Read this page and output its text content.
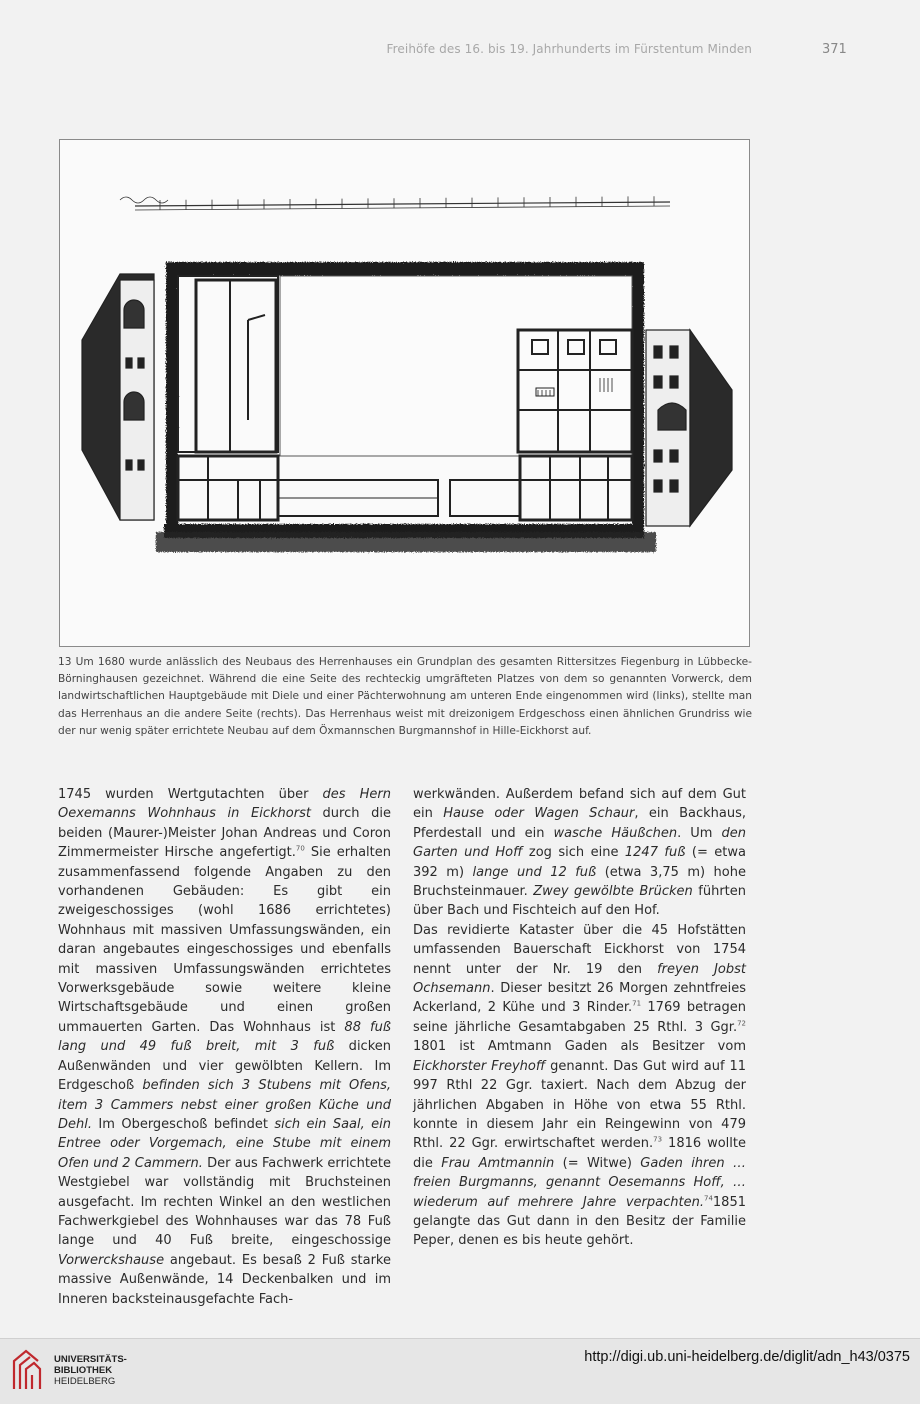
Freihöfe des 16. bis 19. Jahrhunderts im Fürstentum Minden	371
13 Um 1680 wurde anlässlich des Neubaus des Herrenhauses ein Grundplan des gesamten Rittersitzes Fiegenburg in Lübbecke-Börninghausen gezeichnet. Während die eine Seite des rechteckig umgräfteten Platzes von dem so genannten Vorwerck, dem landwirtschaftlichen Hauptgebäude mit Diele und einer Pächterwohnung am unteren Ende eingenommen wird (links), stellte man das Herrenhaus an die andere Seite (rechts). Das Herrenhaus weist mit dreizonigem Erdgeschoss einen ähnlichen Grundriss wie der nur wenig später errichtete Neubau auf dem Öxmannschen Burgmannshof in Hille-Eickhorst auf.

1745 wurden Wertgutachten über des Hern Oexemanns Wohnhaus in Eickhorst durch die beiden (Maurer-)Meister Johan Andreas und Coron Zimmermeister Hirsche angefertigt.$^{70}$ Sie erhalten zusammenfassend folgende Angaben zu den vorhandenen Gebäuden: Es gibt ein zweigeschossiges (wohl 1686 errichtetes) Wohnhaus mit massiven Umfassungswänden, ein daran angebautes eingeschossiges und ebenfalls mit massiven Umfassungswänden errichtetes Vorwerksgebäude sowie weitere kleine Wirtschaftsgebäude und einen großen ummauerten Garten. Das Wohnhaus ist 88 fuß lang und 49 fuß breit, mit 3 fuß dicken Außenwänden und vier gewölbten Kellern. Im Erdgeschoß befinden sich 3 Stubens mit Ofens, item 3 Cammers nebst einer großen Küche und Dehl. Im Obergeschoß befindet sich ein Saal, ein Entree oder Vorgemach, eine Stube mit einem Ofen und 2 Cammern. Der aus Fachwerk errichtete Westgiebel war vollständig mit Bruchsteinen ausgefacht. Im rechten Winkel an den westlichen Fachwerkgiebel des Wohnhauses war das 78 Fuß lange und 40 Fuß breite, eingeschossige Vorwerckshause angebaut. Es besaß 2 Fuß starke massive Außenwände, 14 Deckenbalken und im Inneren backsteinausgefachte Fach-

werkwänden. Außerdem befand sich auf dem Gut ein Hause oder Wagen Schaur, ein Backhaus, Pferdestall und ein wasche Häußchen. Um den Garten und Hoff zog sich eine 1247 fuß (= etwa 392 m) lange und 12 fuß (etwa 3,75 m) hohe Bruchsteinmauer. Zwey gewölbte Brücken führten über Bach und Fischteich auf den Hof.

Das revidierte Kataster über die 45 Hofstätten umfassenden Bauerschaft Eickhorst von 1754 nennt unter der Nr. 19 den freyen Jobst Ochsemann. Dieser besitzt 26 Morgen zehntfreies Ackerland, 2 Kühe und 3 Rinder.$^{71}$ 1769 betragen seine jährliche Gesamtabgaben 25 Rthl. 3 Ggr.$^{72}$ 1801 ist Amtmann Gaden als Besitzer vom Eickhorster Freyhoff genannt. Das Gut wird auf 11 997 Rthl 22 Ggr. taxiert. Nach dem Abzug der jährlichen Abgaben in Höhe von etwa 55 Rthl. konnte in diesem Jahr ein Reingewinn von 479 Rthl. 22 Ggr. erwirtschaftet werden.$^{73}$ 1816 wollte die Frau Amtmannin (= Witwe) Gaden ihren … freien Burgmanns, genannt Oesemanns Hoff, … wiederum auf mehrere Jahre verpachten.$^{74}$1851 gelangte das Gut dann in den Besitz der Familie Peper, denen es bis heute gehört.

UNIVERSITÄTS-
BIBLIOTHEK
HEIDELBERG
http://digi.ub.uni-heidelberg.de/diglit/adn_h43/0375
